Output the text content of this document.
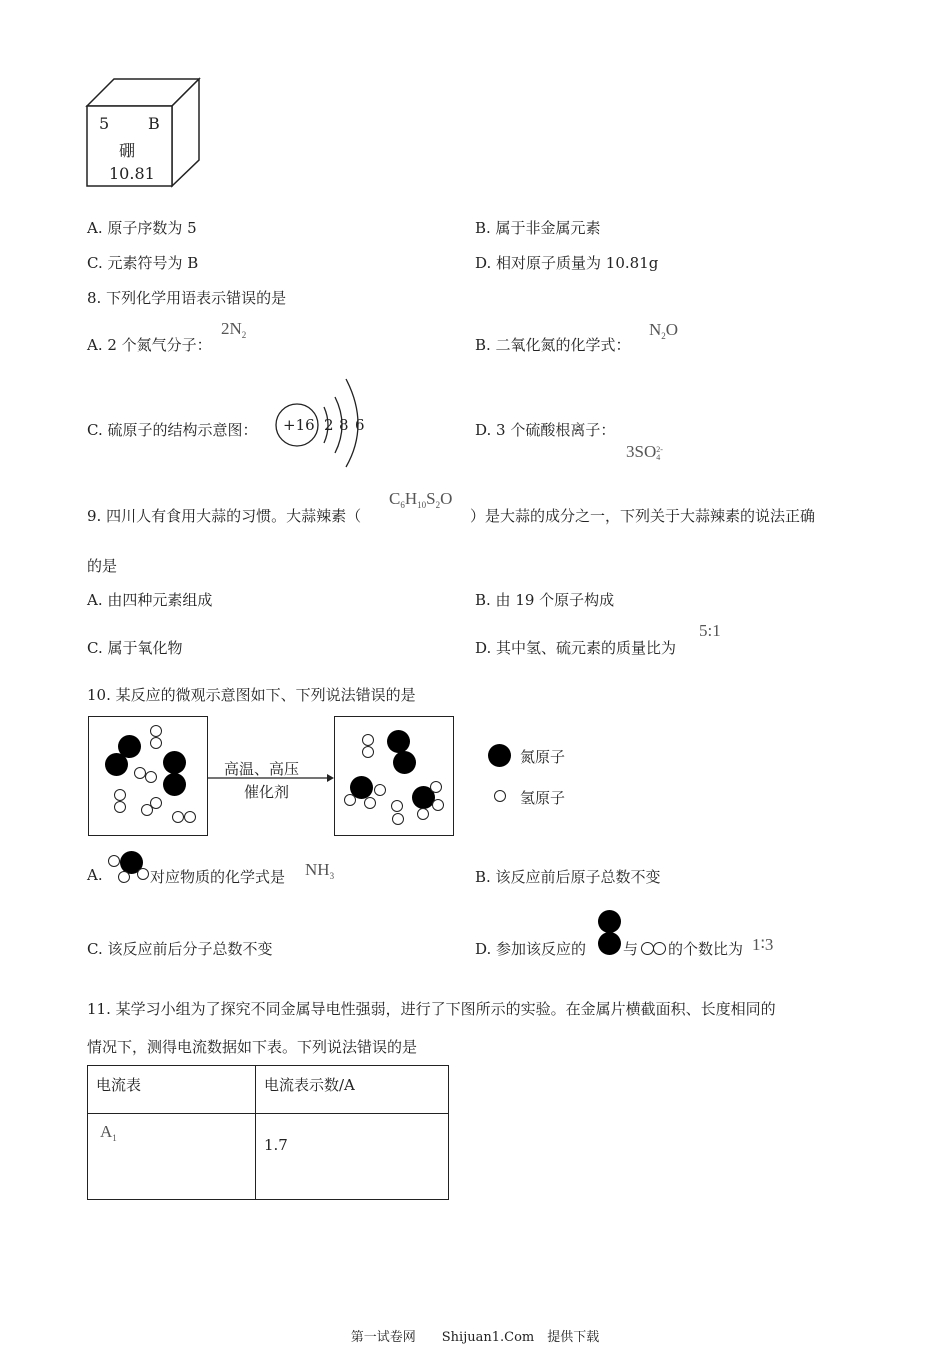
5 B
硼
10.81
A. 原子序数为 5	B. 属于非金属元素
C. 元素符号为 B	D. 相对原子质量为 10.81g
8. 下列化学用语表示错误的是
A. 2 个氮气分子：
$2N_2$
B. 二氧化氮的化学式：
$N_2O$
C. 硫原子的结构示意图： +16 2 8 6	D. 3 个硫酸根离子：
3SO2-
4
9. 四川人有食用大蒜的习惯。大蒜辣素（
$C_6H_{10}S_2O$
）是大蒜的成分之一，下列关于大蒜辣素的说法正确
的是
A. 由四种元素组成	B. 由 19 个原子构成
C. 属于氧化物	D. 其中氢、硫元素的质量比为
5:1
10. 某反应的微观示意图如下、下列说法错误的是
高温、高压
催化剂
氮原子
氢原子
A.	对应物质的化学式是 $NH_3$	B. 该反应前后原子总数不变
C. 该反应前后分子总数不变	D. 参加该反应的 与 的个数比为 1∶3
11. 某学习小组为了探究不同金属导电性强弱，进行了下图所示的实验。在金属片横截面积、长度相同的
情况下，测得电流数据如下表。下列说法错误的是
电流表	电流表示数/A
$A_1$	1.7
第一试卷网　　Shijuan1.Com　提供下载
